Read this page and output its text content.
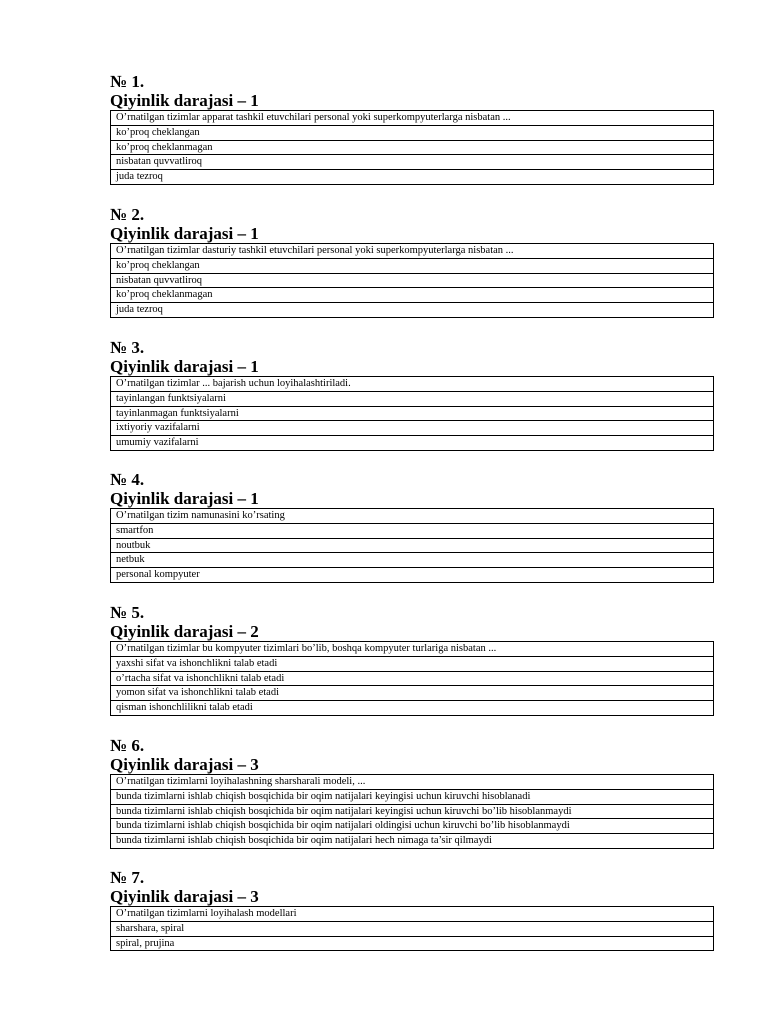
№ 1.
Qiyinlik darajasi – 1
O’rnatilgan tizimlar apparat tashkil etuvchilari personal yoki superkompyuterlarga nisbatan ...
ko’proq cheklangan
ko’proq cheklanmagan
nisbatan quvvatliroq
juda tezroq
№ 2.
Qiyinlik darajasi – 1
O’rnatilgan tizimlar dasturiy tashkil etuvchilari personal yoki superkompyuterlarga nisbatan ...
ko’proq cheklangan
nisbatan quvvatliroq
ko’proq cheklanmagan
juda tezroq
№ 3.
Qiyinlik darajasi – 1
O’rnatilgan tizimlar ... bajarish uchun loyihalashtiriladi.
tayinlangan funktsiyalarni
tayinlanmagan funktsiyalarni
ixtiyoriy vazifalarni
umumiy vazifalarni
№ 4.
Qiyinlik darajasi – 1
O’rnatilgan tizim namunasini ko’rsating
smartfon
noutbuk
netbuk
personal kompyuter
№ 5.
Qiyinlik darajasi – 2
O’rnatilgan tizimlar bu kompyuter tizimlari bo’lib, boshqa kompyuter turlariga nisbatan ...
yaxshi sifat va ishonchlikni talab etadi
o’rtacha sifat va ishonchlikni talab etadi
yomon sifat va ishonchlikni talab etadi
qisman ishonchlilikni talab etadi
№ 6.
Qiyinlik darajasi – 3
O’rnatilgan tizimlarni loyihalashning sharsharali modeli, ...
bunda tizimlarni ishlab chiqish bosqichida bir oqim natijalari keyingisi uchun kiruvchi hisoblanadi
bunda tizimlarni ishlab chiqish bosqichida bir oqim natijalari keyingisi uchun kiruvchi bo’lib hisoblanmaydi
bunda tizimlarni ishlab chiqish bosqichida bir oqim natijalari oldingisi uchun kiruvchi bo’lib hisoblanmaydi
bunda tizimlarni ishlab chiqish bosqichida bir oqim natijalari hech nimaga ta’sir qilmaydi
№ 7.
Qiyinlik darajasi – 3
O’rnatilgan tizimlarni loyihalash modellari
sharshara, spiral
spiral, prujina
